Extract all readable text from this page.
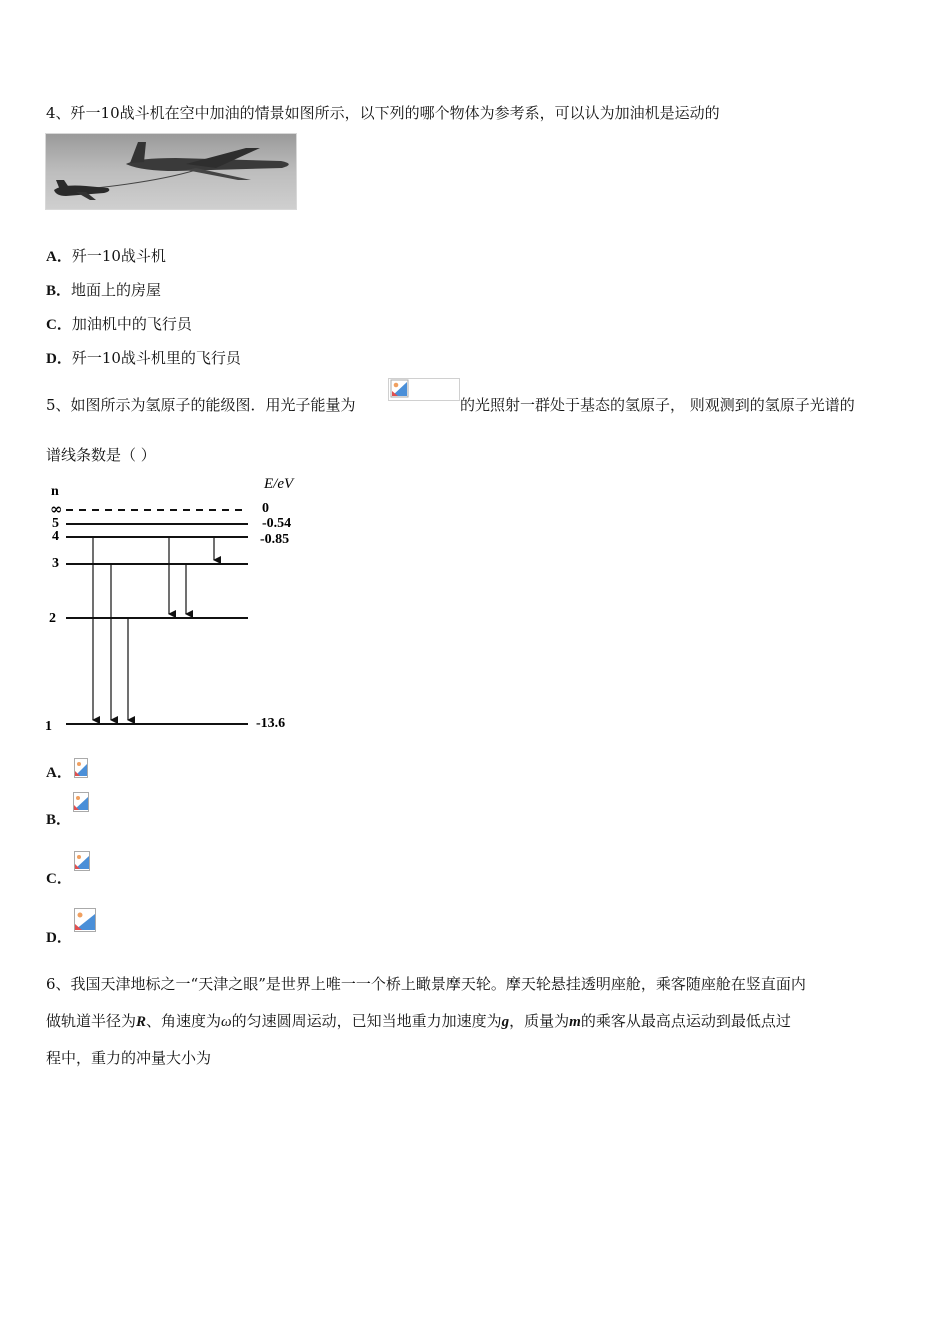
4、歼一10战斗机在空中加油的情景如图所示，以下列的哪个物体为参考系，可以认为加油机是运动的
A．歼一10战斗机
B．地面上的房屋
C．加油机中的飞行员
D．歼一10战斗机里的飞行员
5、如图所示为氢原子的能级图．用光子能量为	的光照射一群处于基态的氢原子， 则观测到的氢原子光谱的
谱线条数是（ ）
n	E/eV
∞
5
4
3
2
1
0
-0.54
-0.85
-13.6
A．
B．
C．
D．
6、我国天津地标之一“天津之眼”是世界上唯一一个桥上瞰景摩天轮。摩天轮悬挂透明座舱，乘客随座舱在竖直面内
做轨道半径为R、角速度为ω的匀速圆周运动，已知当地重力加速度为g，质量为m的乘客从最高点运动到最低点过
程中，重力的冲量大小为
